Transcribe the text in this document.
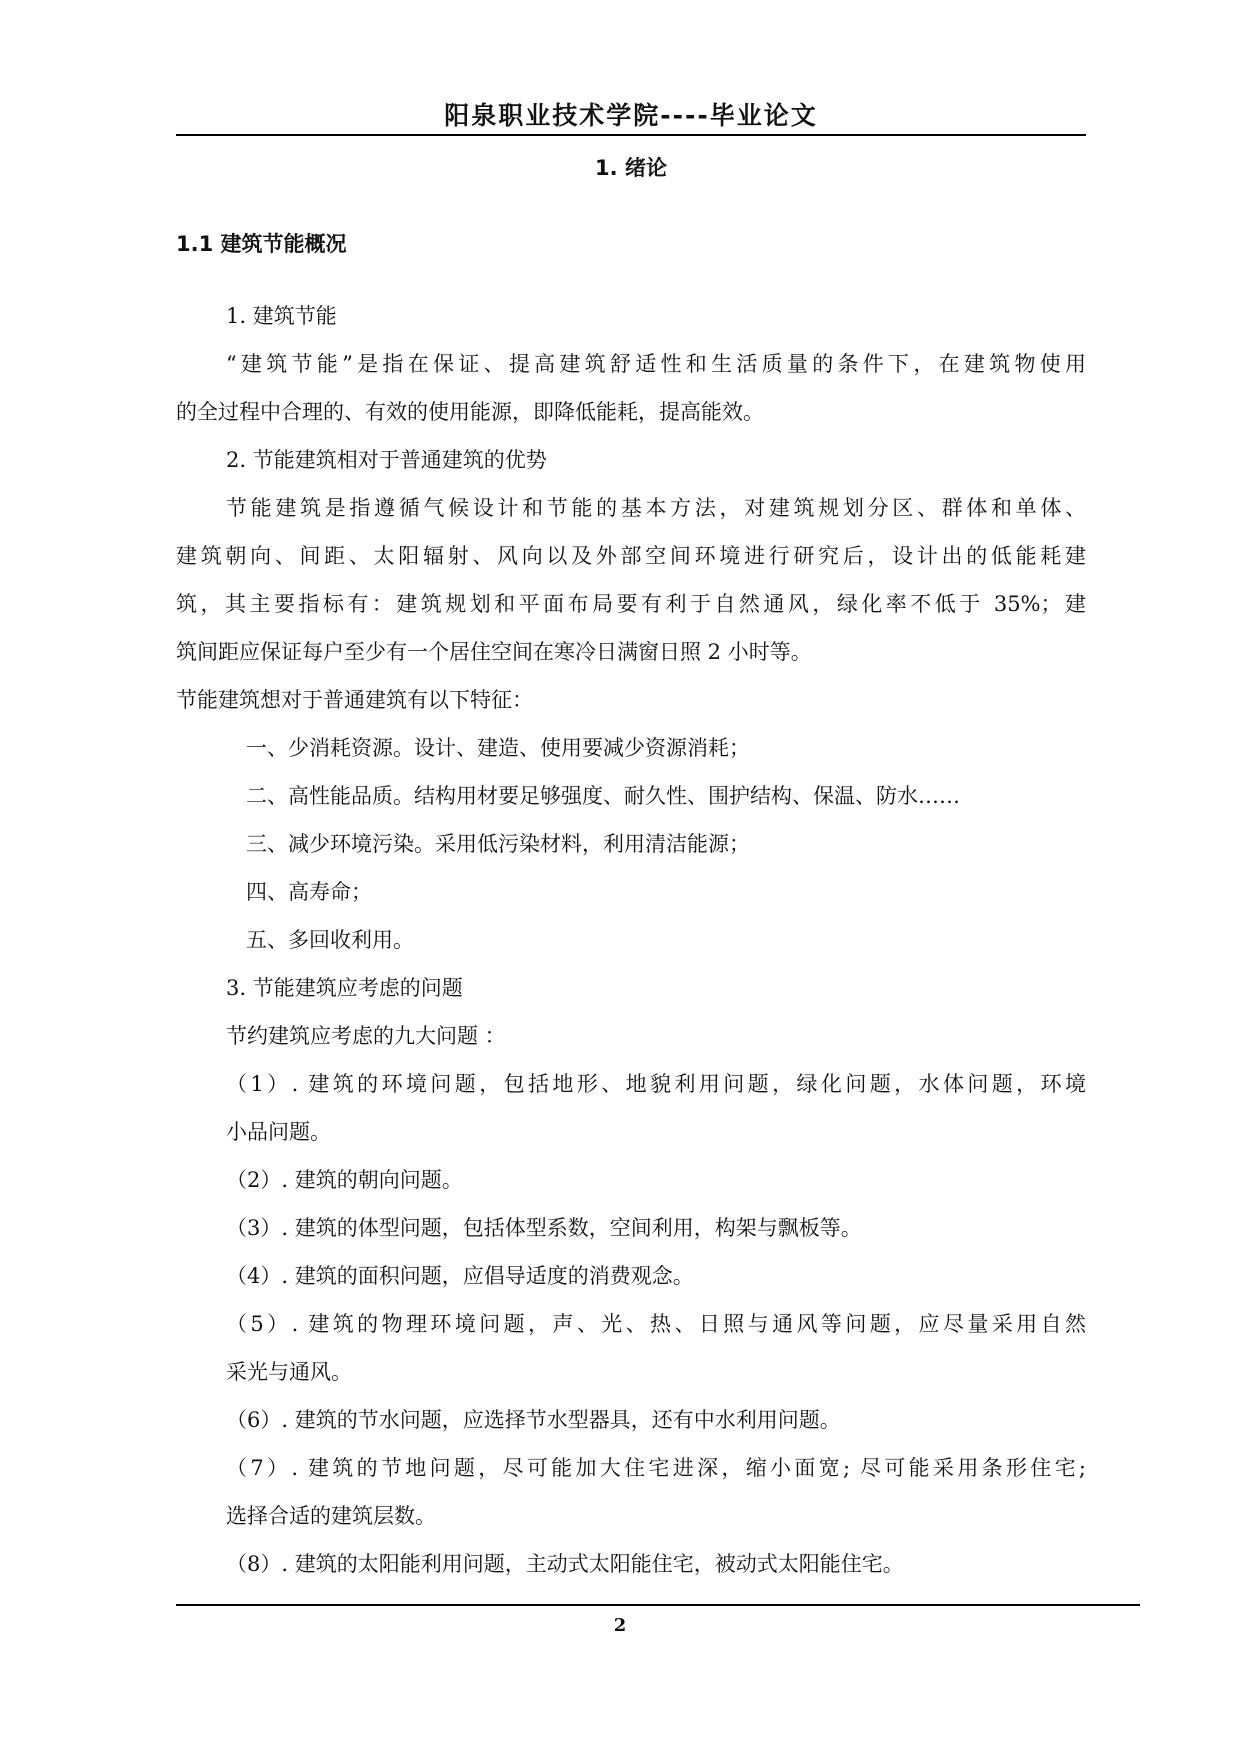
阳泉职业技术学院----毕业论文
1. 绪论
1.1 建筑节能概况
1. 建筑节能
“建筑节能”是指在保证、提高建筑舒适性和生活质量的条件下，在建筑物使用
的全过程中合理的、有效的使用能源，即降低能耗，提高能效。
2. 节能建筑相对于普通建筑的优势
节能建筑是指遵循气候设计和节能的基本方法，对建筑规划分区、群体和单体、
建筑朝向、间距、太阳辐射、风向以及外部空间环境进行研究后，设计出的低能耗建
筑，其主要指标有：建筑规划和平面布局要有利于自然通风，绿化率不低于 35%；建
筑间距应保证每户至少有一个居住空间在寒冷日满窗日照 2 小时等。
节能建筑想对于普通建筑有以下特征：
一、少消耗资源。设计、建造、使用要减少资源消耗；
二、高性能品质。结构用材要足够强度、耐久性、围护结构、保温、防水……
三、减少环境污染。采用低污染材料，利用清洁能源；
四、高寿命；
五、多回收利用。
3. 节能建筑应考虑的问题
节约建筑应考虑的九大问题 ：
（1）. 建筑的环境问题，包括地形、地貌利用问题，绿化问题，水体问题，环境
小品问题。
（2）. 建筑的朝向问题。
（3）. 建筑的体型问题，包括体型系数，空间利用，构架与飘板等。
（4）. 建筑的面积问题，应倡导适度的消费观念。
（5）. 建筑的物理环境问题，声、光、热、日照与通风等问题，应尽量采用自然
采光与通风。
（6）. 建筑的节水问题，应选择节水型器具，还有中水利用问题。
（7）. 建筑的节地问题，尽可能加大住宅进深，缩小面宽; 尽可能采用条形住宅;
选择合适的建筑层数。
（8）. 建筑的太阳能利用问题，主动式太阳能住宅，被动式太阳能住宅。
2
